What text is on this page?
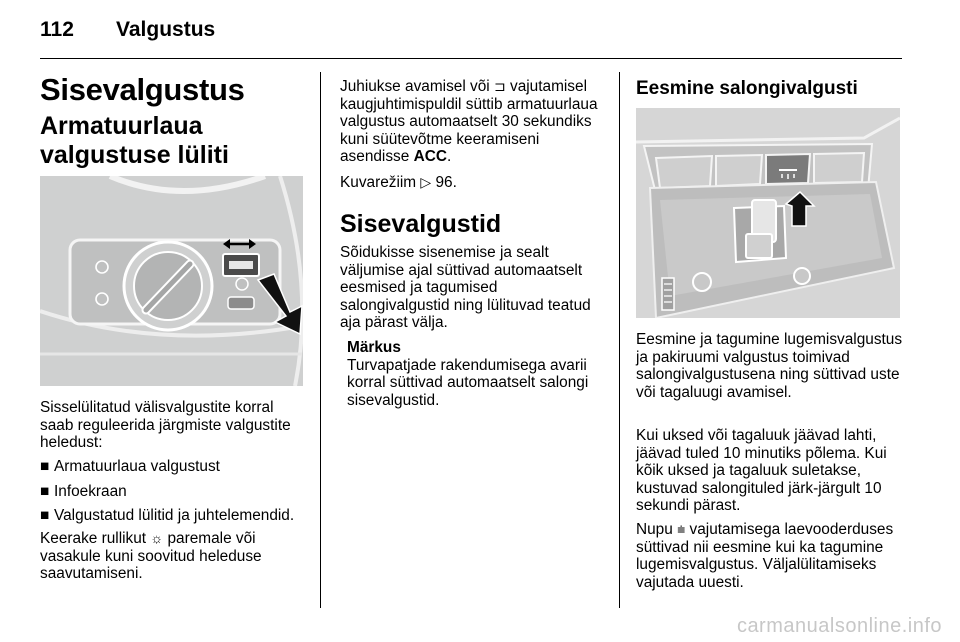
112 Valgustus
Sisevalgustus
Armatuurlaua valgustuse lüliti
Sisselülitatud välisvalgustite korral saab reguleerida järgmiste valgustite heledust:
■ Armatuurlaua valgustust
■ Infoekraan
■ Valgustatud lülitid ja juhtelemendid.
Keerake rullikut ☼ paremale või vasakule kuni soovitud heleduse saavutamiseni.
Juhiukse avamisel või ⊐ vajutamisel kaugjuhtimispuldil süttib armatuurlaua valgustus automaatselt 30 sekundiks kuni süütevõtme keeramiseni asendisse ACC.
Kuvarežiim ▷ 96.
Sisevalgustid
Sõidukisse sisenemise ja sealt väljumise ajal süttivad automaatselt eesmised ja tagumised salongivalgustid ning lülituvad teatud aja pärast välja.
Märkus
Turvapatjade rakendumisega avarii korral süttivad automaatselt salongi sisevalgustid.
Eesmine salongivalgusti
Eesmine ja tagumine lugemisvalgustus ja pakiruumi valgustus toimivad salongivalgustusena ning süttivad uste või tagaluugi avamisel.
Kui uksed või tagaluuk jäävad lahti, jäävad tuled 10 minutiks põlema. Kui kõik uksed ja tagaluuk suletakse, kustuvad salongituled järk-järgult 10 sekundi pärast.
Nupu ⩧ vajutamisega laevooderduses süttivad nii eesmine kui ka tagumine lugemisvalgustus. Väljalülitamiseks vajutada uuesti.
carmanualsonline.info
